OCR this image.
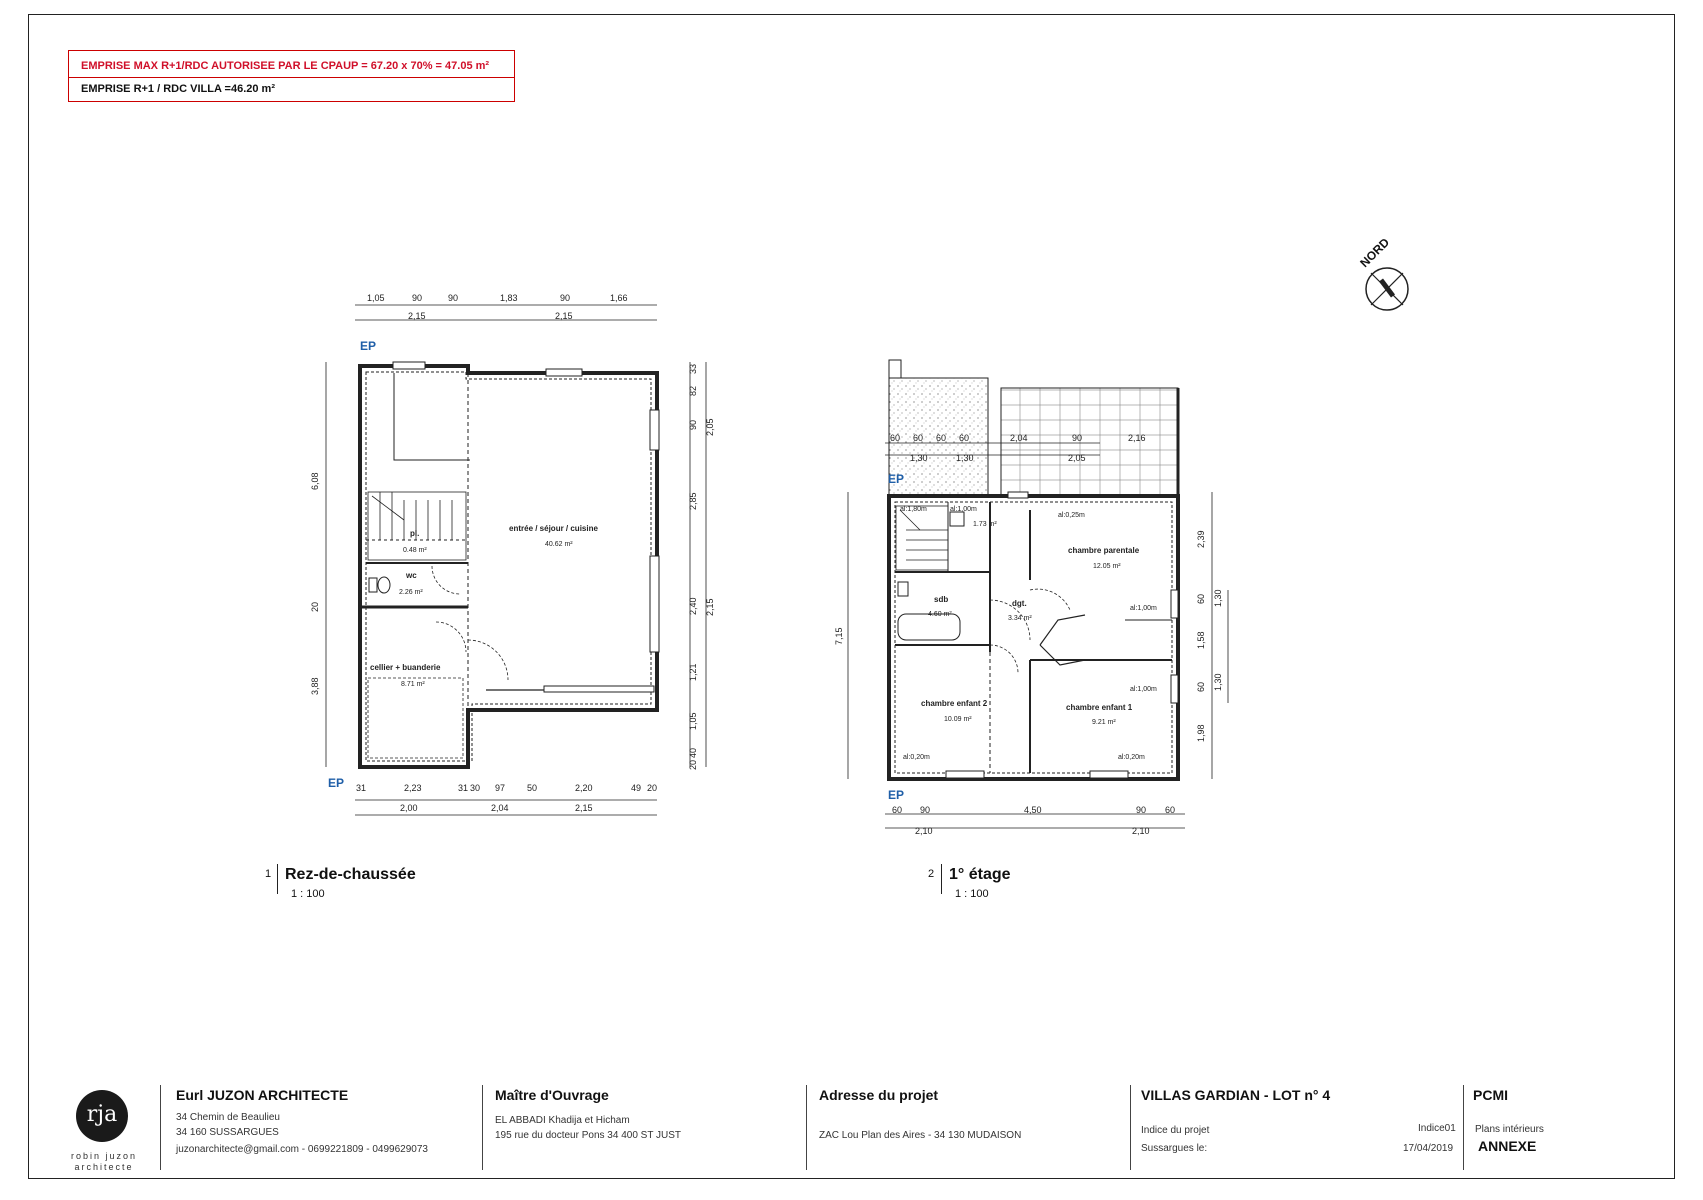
EMPRISE MAX R+1/RDC AUTORISEE PAR LE CPAUP = 67.20 x 70% = 47.05 m²
EMPRISE R+1 / RDC VILLA =46.20 m²
NORD
entrée / séjour / cuisine
40.62 m²
pl.
0.48 m²
wc
2.26 m²
cellier + buanderie
8.71 m²
EP
EP
1,05	90	90	1,83	90	1,66
2,15	2,15
31	2,23	31 30 97 50	2,20	49 20
2,00	2,04	2,15
6,08
20
3,88
33
82
90
2,85
2,40
1,21
1,05
40
20
2,05
2,15
al:1,80m	al:1,00m
al:0,25m
al:1,00m
al:1,00m
al:0,20m	al:0,20m
1.73 m²
chambre parentale
12.05 m²
sdb
4.60 m²
dgt.
3.34 m²
chambre enfant 2
10.09 m²
chambre enfant 1
9.21 m²
EP
EP
60 60 60 60	2,04	90	2,16
1,30	1,30	2,05
60 90	4,50	90 60
2,10	2,10
7,15
2,39
60
1,58
60
1,98
1,30
1,30
1 Rez-de-chaussée
1 : 100
2 1° étage
1 : 100
rja
robin juzon architecte
Eurl JUZON ARCHITECTE
34 Chemin de Beaulieu
34 160 SUSSARGUES
juzonarchitecte@gmail.com - 0699221809 - 0499629073
Maître d'Ouvrage
EL ABBADI Khadija et Hicham
195 rue du docteur Pons 34 400 ST JUST
Adresse du projet
ZAC Lou Plan des Aires - 34 130 MUDAISON
VILLAS GARDIAN - LOT n° 4
Indice du projet	Indice01
Sussargues le:	17/04/2019
PCMI
Plans intérieurs
ANNEXE
